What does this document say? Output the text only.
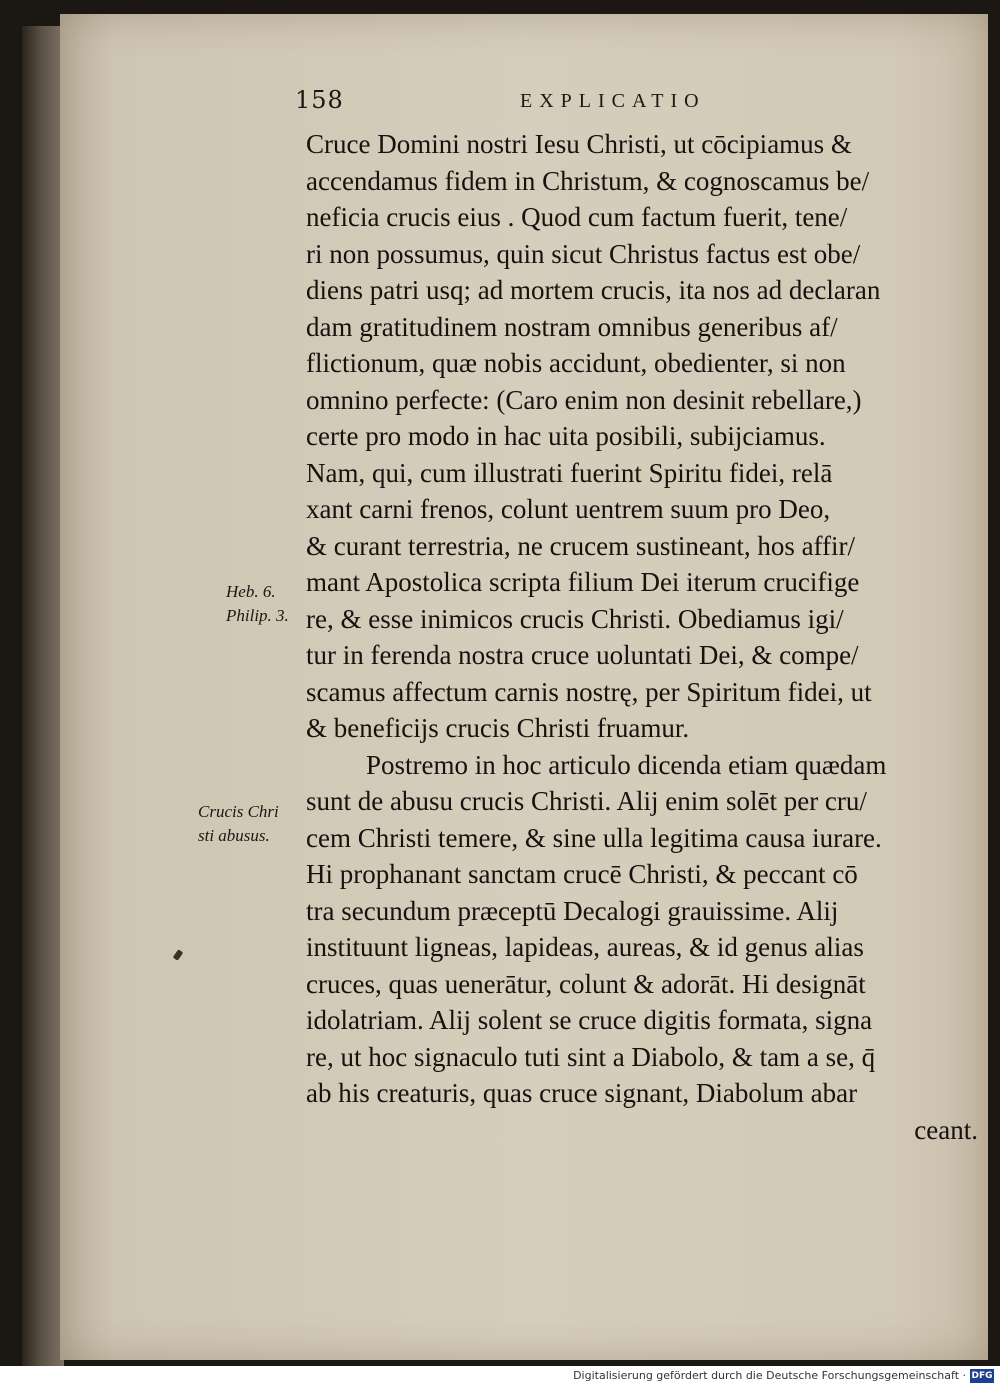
158	EXPLICATIO
Cruce Domini nostri Iesu Christi, ut cōcipiamus &
accendamus fidem in Christum, & cognoscamus be/
neficia crucis eius . Quod cum factum fuerit, tene/
ri non possumus, quin sicut Christus factus est obe/
diens patri usq; ad mortem crucis, ita nos ad declaran
dam gratitudinem nostram omnibus generibus af/
flictionum, quæ nobis accidunt, obedienter, si non
omnino perfecte: (Caro enim non desinit rebellare,)
certe pro modo in hac uita posibili, subijciamus.
Nam, qui, cum illustrati fuerint Spiritu fidei, relā
xant carni frenos, colunt uentrem suum pro Deo,
& curant terrestria, ne crucem sustineant, hos affir/
mant Apostolica scripta filium Dei iterum crucifige
re, & esse inimicos crucis Christi. Obediamus igi/
tur in ferenda nostra cruce uoluntati Dei, & compe/
scamus affectum carnis nostrę, per Spiritum fidei, ut
& beneficijs crucis Christi fruamur.
Postremo in hoc articulo dicenda etiam quædam
sunt de abusu crucis Christi. Alij enim solēt per cru/
cem Christi temere, & sine ulla legitima causa iurare.
Hi prophanant sanctam crucē Christi, & peccant cō
tra secundum præceptū Decalogi grauissime. Alij
instituunt ligneas, lapideas, aureas, & id genus alias
cruces, quas uenerātur, colunt & adorāt. Hi designāt
idolatriam. Alij solent se cruce digitis formata, signa
re, ut hoc signaculo tuti sint a Diabolo, & tam a se, q̄
ab his creaturis, quas cruce signant, Diabolum abar
ceant.
Heb. 6.
Philip. 3.
Crucis Chri
sti abusus.
Digitalisierung gefördert durch die Deutsche Forschungsgemeinschaft · DFG
